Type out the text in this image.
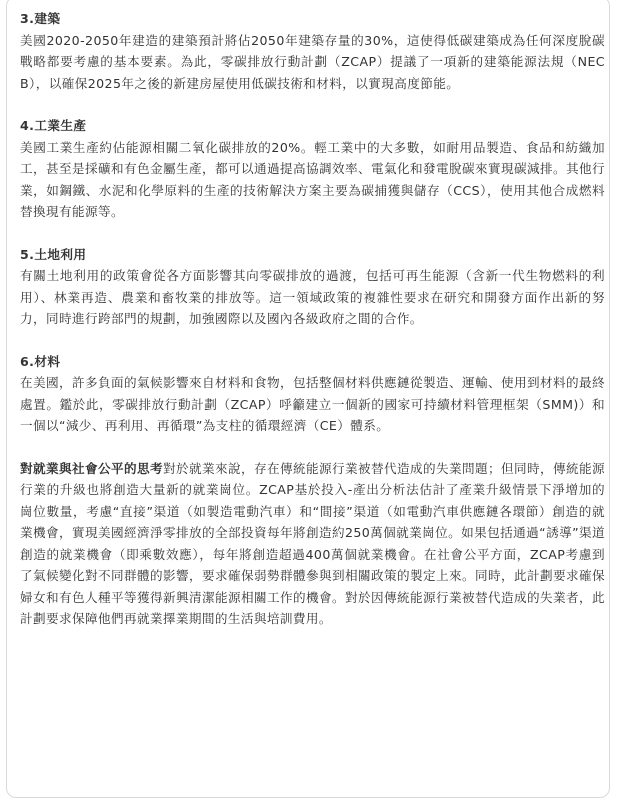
3.建築

美國2020-2050年建造的建築預計將佔2050年建築存量的30%，這使得低碳建築成為任何深度脫碳戰略都要考慮的基本要素。為此，零碳排放行動計劃（ZCAP）提議了一項新的建築能源法規（NECB），以確保2025年之後的新建房屋使用低碳技術和材料，以實現高度節能。

4.工業生產

美國工業生產約佔能源相關二氧化碳排放的20%。輕工業中的大多數，如耐用品製造、食品和紡織加工，甚至是採礦和有色金屬生產，都可以通過提高協調效率、電氣化和發電脫碳來實現碳減排。其他行業，如鋼鐵、水泥和化學原料的生產的技術解決方案主要為碳捕獲與儲存（CCS），使用其他合成燃料替換現有能源等。

5.土地利用

有關土地利用的政策會從各方面影響其向零碳排放的過渡，包括可再生能源（含新一代生物燃料的利用）、林業再造、農業和畜牧業的排放等。這一領域政策的複雜性要求在研究和開發方面作出新的努力，同時進行跨部門的規劃，加強國際以及國內各級政府之間的合作。

6.材料

在美國，許多負面的氣候影響來自材料和食物，包括整個材料供應鏈從製造、運輸、使用到材料的最終處置。鑑於此，零碳排放行動計劃（ZCAP）呼籲建立一個新的國家可持續材料管理框架（SMM)）和一個以“減少、再利用、再循環”為支柱的循環經濟（CE）體系。

對就業與社會公平的思考對於就業來說，存在傳統能源行業被替代造成的失業問題；但同時，傳統能源行業的升級也將創造大量新的就業崗位。ZCAP基於投入-產出分析法估計了產業升級情景下淨增加的崗位數量，考慮“直接”渠道（如製造電動汽車）和“間接”渠道（如電動汽車供應鏈各環節）創造的就業機會，實現美國經濟淨零排放的全部投資每年將創造約250萬個就業崗位。如果包括通過“誘導”渠道創造的就業機會（即乘數效應），每年將創造超過400萬個就業機會。在社會公平方面，ZCAP考慮到了氣候變化對不同群體的影響，要求確保弱勢群體參與到相關政策的製定上來。同時，此計劃要求確保婦女和有色人種平等獲得新興清潔能源相關工作的機會。對於因傳統能源行業被替代造成的失業者，此計劃要求保障他們再就業擇業期間的生活與培訓費用。
